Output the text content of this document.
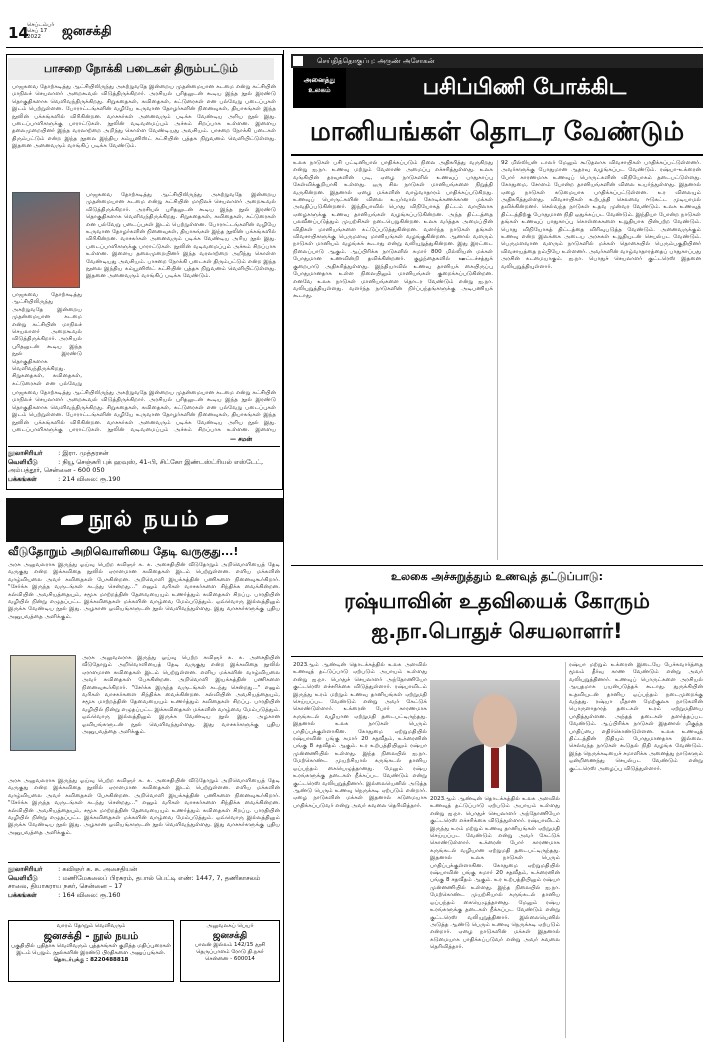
14
செப்டம்பர்
செப் 17
2022	ஜனசக்தி
பாசறை நோக்கி படைகள் திரும்பட்டும்
பாஜகவை தோற்கடித்து ஆட்சியிலிருந்து அகற்றுவதே இன்றைய முதன்மையான கடமை என்று கட்சியின் மாநிலச் செயலாளர் அறைகூவல் விடுத்திருக்கிறார். அரசியல் புரிதலுடன் கூடிய இந்த நூல் இரண்டு தொகுதிகளாக வெளிவந்திருக்கிறது. சிறுகதைகள், கவிதைகள், கட்டுரைகள் என பல்வேறு படைப்புகள் இடம் பெற்றுள்ளன. போராட்டங்களின் வழியே உருவான தோழர்களின் நினைவுகள், தியாகங்கள் இந்த நூலின் பக்கங்களில் விரிகின்றன. வாசகர்கள் அனைவரும் படிக்க வேண்டிய அரிய நூல் இது. படைப்பாளிகளுக்கு பாராட்டுகள். நூலின் வடிவமைப்பும் அச்சும் சிறப்பாக உள்ளன. இளைய தலைமுறையினர் இந்த வரலாற்றை அறிந்து கொள்ள வேண்டியது அவசியம். பாசறை நோக்கி படைகள் திரும்பட்டும் என்ற இந்த நூலை இந்திய கம்யூனிஸ்ட் கட்சியின் புத்தக நிறுவனம் வெளியிட்டுள்ளது. இதனை அனைவரும் வாங்கிப் படிக்க வேண்டும்.
பாஜகவை தோற்கடித்து ஆட்சியிலிருந்து அகற்றுவதே இன்றைய முதன்மையான கடமை என்று கட்சியின் மாநிலச் செயலாளர் அறைகூவல் விடுத்திருக்கிறார். அரசியல் புரிதலுடன் கூடிய இந்த நூல் இரண்டு தொகுதிகளாக வெளிவந்திருக்கிறது. சிறுகதைகள், கவிதைகள், கட்டுரைகள் என பல்வேறு படைப்புகள் இடம் பெற்றுள்ளன. போராட்டங்களின் வழியே உருவான தோழர்களின் நினைவுகள், தியாகங்கள் இந்த நூலின் பக்கங்களில் விரிகின்றன. வாசகர்கள் அனைவரும் படிக்க வேண்டிய அரிய நூல் இது. படைப்பாளிகளுக்கு பாராட்டுகள். நூலின் வடிவமைப்பும் அச்சும் சிறப்பாக உள்ளன. இளைய தலைமுறையினர் இந்த வரலாற்றை அறிந்து கொள்ள வேண்டியது அவசியம். பாசறை நோக்கி படைகள் திரும்பட்டும் என்ற இந்த நூலை இந்திய கம்யூனிஸ்ட் கட்சியின் புத்தக நிறுவனம் வெளியிட்டுள்ளது. இதனை அனைவரும் வாங்கிப் படிக்க வேண்டும்.
பாஜகவை தோற்கடித்து ஆட்சியிலிருந்து அகற்றுவதே இன்றைய முதன்மையான கடமை என்று கட்சியின் மாநிலச் செயலாளர் அறைகூவல் விடுத்திருக்கிறார். அரசியல் புரிதலுடன் கூடிய இந்த நூல் இரண்டு தொகுதிகளாக வெளிவந்திருக்கிறது. சிறுகதைகள், கவிதைகள், கட்டுரைகள் என பல்வேறு
பாஜகவை தோற்கடித்து ஆட்சியிலிருந்து அகற்றுவதே இன்றைய முதன்மையான கடமை என்று கட்சியின் மாநிலச் செயலாளர் அறைகூவல் விடுத்திருக்கிறார். அரசியல் புரிதலுடன் கூடிய இந்த நூல் இரண்டு தொகுதிகளாக வெளிவந்திருக்கிறது. சிறுகதைகள், கவிதைகள், கட்டுரைகள் என பல்வேறு படைப்புகள் இடம் பெற்றுள்ளன. போராட்டங்களின் வழியே உருவான தோழர்களின் நினைவுகள், தியாகங்கள் இந்த நூலின் பக்கங்களில் விரிகின்றன. வாசகர்கள் அனைவரும் படிக்க வேண்டிய அரிய நூல் இது. படைப்பாளிகளுக்கு பாராட்டுகள். நூலின் வடிவமைப்பும் அச்சும் சிறப்பாக உள்ளன. இளைய
— சமன்
நூலாசிரியர் : இரா. முத்தரசன்
வெளியீடு	: நியூ செஞ்சுரி புக் ஹவுஸ், 41-பி, சிட்கோ இண்டஸ்ட்ரியல் எஸ்டேட், அம்பத்தூர், சென்னை - 600 050
பக்கங்கள்	: 214 விலை: ரூ.190
நூல் நயம்
வீடுதோறும் அறிவொளியை தேடி வருகுது...!
அரசு அலுவலராக இருந்து ஓய்வு பெற்ற கவிஞர் க. சு. அசைதியின் வீடுதோறும் அறிவொளியைத் தேடி வருகுது என்ற இக்கவிதை நூலில் ஏராளமான கவிதைகள் இடம் பெற்றுள்ளன. எளிய மக்களின் வாழ்வியலை அவர் கவிதைகள் பேசுகின்றன. அறிவொளி இயக்கத்தின் பணிகளை நினைவுகூர்கிறார். "சேர்க்க இருந்த வருடங்கள் கடந்து சென்றது..." எனும் வரிகள் வாசகர்களை சிந்திக்க வைக்கின்றன. கல்வியின் அவசியத்தையும், சமூக மாற்றத்தின் தேவையையும் உணர்த்தும் கவிதைகள் சிறப்பு. பாரதியின் வழியில் நின்று எழுதப்பட்ட இக்கவிதைகள் மக்களின் வாழ்வை மேம்படுத்தும். ஒவ்வொரு இல்லத்திலும் இருக்க வேண்டிய நூல் இது. அழகான ஓவியங்களுடன் நூல் வெளிவந்துள்ளது. இது வாசகர்களுக்கு புதிய அனுபவத்தை அளிக்கும்.
அரசு அலுவலராக இருந்து ஓய்வு பெற்ற கவிஞர் க. சு. அசைதியின் வீடுதோறும் அறிவொளியைத் தேடி வருகுது என்ற இக்கவிதை நூலில் ஏராளமான கவிதைகள் இடம் பெற்றுள்ளன. எளிய மக்களின் வாழ்வியலை அவர் கவிதைகள் பேசுகின்றன. அறிவொளி இயக்கத்தின் பணிகளை நினைவுகூர்கிறார். "சேர்க்க இருந்த வருடங்கள் கடந்து சென்றது..." எனும் வரிகள் வாசகர்களை சிந்திக்க வைக்கின்றன. கல்வியின் அவசியத்தையும், சமூக மாற்றத்தின் தேவையையும் உணர்த்தும் கவிதைகள் சிறப்பு. பாரதியின் வழியில் நின்று எழுதப்பட்ட இக்கவிதைகள் மக்களின் வாழ்வை மேம்படுத்தும். ஒவ்வொரு இல்லத்திலும் இருக்க வேண்டிய நூல் இது. அழகான ஓவியங்களுடன் நூல் வெளிவந்துள்ளது. இது வாசகர்களுக்கு புதிய அனுபவத்தை அளிக்கும்.
அரசு அலுவலராக இருந்து ஓய்வு பெற்ற கவிஞர் க. சு. அசைதியின் வீடுதோறும் அறிவொளியைத் தேடி வருகுது என்ற இக்கவிதை நூலில் ஏராளமான கவிதைகள் இடம் பெற்றுள்ளன. எளிய மக்களின் வாழ்வியலை அவர் கவிதைகள் பேசுகின்றன. அறிவொளி இயக்கத்தின் பணிகளை நினைவுகூர்கிறார். "சேர்க்க இருந்த வருடங்கள் கடந்து சென்றது..." எனும் வரிகள் வாசகர்களை சிந்திக்க வைக்கின்றன. கல்வியின் அவசியத்தையும், சமூக மாற்றத்தின் தேவையையும் உணர்த்தும் கவிதைகள் சிறப்பு. பாரதியின் வழியில் நின்று எழுதப்பட்ட இக்கவிதைகள் மக்களின் வாழ்வை மேம்படுத்தும். ஒவ்வொரு இல்லத்திலும் இருக்க வேண்டிய நூல் இது. அழகான ஓவியங்களுடன் நூல் வெளிவந்துள்ளது. இது வாசகர்களுக்கு புதிய அனுபவத்தை அளிக்கும்.
நூலாசிரியர் : கவிஞர் க. சு. அசைதியன்
வெளியீடு	: மணிமேகலைப் பிரசுரம், தபால் பெட்டி எண்: 1447, 7, தணிகாசலம் சாலை, தியாகராய நகர், சென்னை – 17
பக்கங்கள்	: 164 விலை: ரூ.160
வாரம் தோறும் வெளிவரும்
ஜனசக்தி - நூல் நயம்
பகுதியில் புதிதாக வெளிவரும் புத்தகங்கள் குறித்த மதிப்புரைகள் இடம் பெறும். நூல்களின் இரண்டு பிரதிகளை அனுப்புங்கள்.
தொடர்புக்கு : 8220488818
அலுவலகப் பெயர்
ஜனசக்தி
பாலன் இல்லம் 142/15 தூசி தெருப்பாளம் ரோடு தி.நகர்
சென்னை - 600014
செய்தித்தொகுப்பு: அருண் அசோகன்
அனைத்து
உலகம்	பசிப்பிணி போக்கிட
மானியங்கள் தொடர வேண்டும்
உலக நாடுகள் பசி பட்டினியால் பாதிக்கப்படும் நிலை அதிகரித்து வருகிறது என்று ஐ.நா. உணவு மற்றும் வேளாண் அமைப்பு எச்சரித்துள்ளது. உலக வங்கியின் தரவுகளின் படி, ஏழை நாடுகளில் உணவுப் பாதுகாப்பு கேள்விக்குறியாகி உள்ளது. ஒரு சில நாடுகள் மானியங்களை நிறுத்தி வருகின்றன. இதனால் ஏழை மக்களின் வாழ்வாதாரம் பாதிக்கப்படுகிறது. உணவுப் பொருட்களின் விலை உயர்வால் கோடிக்கணக்கான மக்கள் அவதிப்படுகின்றனர். இந்தியாவில் பொது விநியோகத் திட்டம் வாயிலாக ஏழைகளுக்கு உணவு தானியங்கள் வழங்கப்படுகின்றன. அந்த திட்டத்தை பலவீனப்படுத்தும் முயற்சிகள் நடைபெறுகின்றன. உலக வர்த்தக அமைப்பின் விதிகள் மானியங்களை கட்டுப்படுத்துகின்றன. வளர்ந்த நாடுகள் தங்கள் விவசாயிகளுக்கு பெருமளவு மானியங்கள் வழங்குகின்றன. ஆனால் வளரும் நாடுகள் மானியம் வழங்கக் கூடாது என்று வலியுறுத்துகின்றன. இது இரட்டை நிலைப்பாடு ஆகும். ஆப்பிரிக்க நாடுகளில் சுமார் 800 மில்லியன் மக்கள் போதுமான உணவின்றி தவிக்கின்றனர். குழந்தைகளில் ஊட்டச்சத்துக் குறைபாடு அதிகரித்துள்ளது. இந்தியாவில் உணவு தானியக் கையிருப்பு போதுமானதாக உள்ள நிலையிலும் மானியங்கள் குறைக்கப்படுகின்றன. எனவே உலக நாடுகள் மானியங்களை தொடர வேண்டும் என்று ஐ.நா. வலியுறுத்தியுள்ளது. வளர்ந்த நாடுகளின் நிர்ப்பந்தங்களுக்கு அடிபணியக் கூடாது.
92 மில்லியன் டாலர் மேலும் கூடுதலாக விவசாயிகள் பாதிக்கப்பட்டுள்ளனர். அவர்களுக்கு போதுமான ஆதரவு வழங்கப்பட வேண்டும். ரஷ்யா-உக்ரைன் போர் காரணமாக உணவுப் பொருட்களின் விநியோகம் தடைபட்டுள்ளது. கோதுமை, சோளம் போன்ற தானியங்களின் விலை உயர்ந்துள்ளது. இதனால் ஏழை நாடுகள் கடுமையாக பாதிக்கப்பட்டுள்ளன. உர விலையும் அதிகரித்துள்ளது. விவசாயிகள் உற்பத்தி செலவை ஈடுகட்ட முடியாமல் தவிக்கின்றனர். செல்வந்த நாடுகள் உதவ முன்வர வேண்டும். உலக உணவுத் திட்டத்திற்கு போதுமான நிதி ஒதுக்கப்பட வேண்டும். இந்தியா போன்ற நாடுகள் தங்கள் உணவுப் பாதுகாப்பு கொள்கைகளை உறுதியாக பின்பற்ற வேண்டும். பொது விநியோகத் திட்டத்தை விரிவுபடுத்த வேண்டும். அனைவருக்கும் உணவு என்ற இலக்கை அடைய அரசுகள் உறுதியுடன் செயல்பட வேண்டும். பெருமளவான வளரும் நாடுகளில் மக்கள் தொகையில் பெரும்பகுதியினர் விவசாயத்தை நம்பியே உள்ளனர். அவர்களின் வாழ்வாதாரத்தைப் பாதுகாப்பது அரசின் கடமையாகும். ஐ.நா. பொதுச் செயலாளர் குட்டரெஸ் இதனை வலியுறுத்தியுள்ளார்.
உலகை அச்சுறுத்தும் உணவுத் தட்டுப்பாடு:
ரஷ்யாவின் உதவியைக் கோரும் ஐ.நா.பொதுச் செயலாளர்!
2023ஆம் ஆண்டின் தொடக்கத்தில் உலக அளவில் உணவுத் தட்டுப்பாடு ஏற்படும் அபாயம் உள்ளது என்று ஐ.நா. பொதுச் செயலாளர் அந்தோணியோ குட்டரெஸ் எச்சரிக்கை விடுத்துள்ளார். ரஷ்யாவிடம் இருந்து உரம் மற்றும் உணவு தானியங்கள் ஏற்றுமதி செய்யப்பட வேண்டும் என்று அவர் கேட்டுக் கொண்டுள்ளார். உக்ரைன் போர் காரணமாக கருங்கடல் வழியான ஏற்றுமதி தடைபட்டிருந்தது. இதனால் உலக நாடுகள் பெரும் பாதிப்புக்குள்ளாகின. கோதுமை ஏற்றுமதியில் ரஷ்யாவின் பங்கு சுமார் 20 சதவீதம், உக்ரைனின் பங்கு 8 சதவீதம் ஆகும். உர உற்பத்தியிலும் ரஷ்யா முன்னணியில் உள்ளது. இந்த நிலையில் ஐ.நா. மேற்கொண்ட முயற்சியால் கருங்கடல் தானிய ஒப்பந்தம் கையெழுத்தானது. மேலும் ரஷ்ய உரங்களுக்கு தடைகள் நீக்கப்பட வேண்டும் என்று குட்டரெஸ் வலியுறுத்தினார். இல்லையெனில் அடுத்த ஆண்டு பெரும் உணவு நெருக்கடி ஏற்படும் என்றார். ஏழை நாடுகளின் மக்கள் இதனால் கடுமையாக பாதிக்கப்படுவர் என்று அவர் கவலை தெரிவித்தார்.
2023ஆம் ஆண்டின் தொடக்கத்தில் உலக அளவில் உணவுத் தட்டுப்பாடு ஏற்படும் அபாயம் உள்ளது என்று ஐ.நா. பொதுச் செயலாளர் அந்தோணியோ குட்டரெஸ் எச்சரிக்கை விடுத்துள்ளார். ரஷ்யாவிடம் இருந்து உரம் மற்றும் உணவு தானியங்கள் ஏற்றுமதி செய்யப்பட வேண்டும் என்று அவர் கேட்டுக் கொண்டுள்ளார். உக்ரைன் போர் காரணமாக கருங்கடல் வழியான ஏற்றுமதி தடைபட்டிருந்தது. இதனால் உலக நாடுகள் பெரும் பாதிப்புக்குள்ளாகின. கோதுமை ஏற்றுமதியில் ரஷ்யாவின் பங்கு சுமார் 20 சதவீதம், உக்ரைனின் பங்கு 8 சதவீதம் ஆகும். உர உற்பத்தியிலும் ரஷ்யா முன்னணியில் உள்ளது. இந்த நிலையில் ஐ.நா. மேற்கொண்ட முயற்சியால் கருங்கடல் தானிய ஒப்பந்தம் கையெழுத்தானது. மேலும் ரஷ்ய உரங்களுக்கு தடைகள் நீக்கப்பட வேண்டும் என்று குட்டரெஸ் வலியுறுத்தினார். இல்லையெனில் அடுத்த ஆண்டு பெரும் உணவு நெருக்கடி ஏற்படும் என்றார். ஏழை நாடுகளின் மக்கள் இதனால் கடுமையாக பாதிக்கப்படுவர் என்று அவர் கவலை தெரிவித்தார்.
ரஷ்யா மற்றும் உக்ரைன் இடையே பேச்சுவார்த்தை மூலம் தீர்வு காண வேண்டும் என்று அவர் வலியுறுத்தினார். உணவுப் பொருட்களை அரசியல் ஆயுதமாக பயன்படுத்தக் கூடாது. துருக்கியின் உதவியுடன் தானிய ஒப்பந்தம் நடைமுறைக்கு வந்தது. ரஷ்யா மீதான மேற்குலக நாடுகளின் பொருளாதாரத் தடைகள் உரம் ஏற்றுமதியை பாதித்துள்ளன. அந்தத் தடைகள் தளர்த்தப்பட வேண்டும். ஆப்பிரிக்க நாடுகள் இதனால் மிகுந்த பாதிப்பை எதிர்கொண்டுள்ளன. உலக உணவுத் திட்டத்தின் நிதியும் போதுமானதாக இல்லை. செல்வந்த நாடுகள் கூடுதல் நிதி வழங்க வேண்டும். இந்த நெருக்கடியைச் சமாளிக்க அனைத்து நாடுகளும் ஒன்றிணைந்து செயல்பட வேண்டும் என்று குட்டரெஸ் அழைப்பு விடுத்துள்ளார்.
